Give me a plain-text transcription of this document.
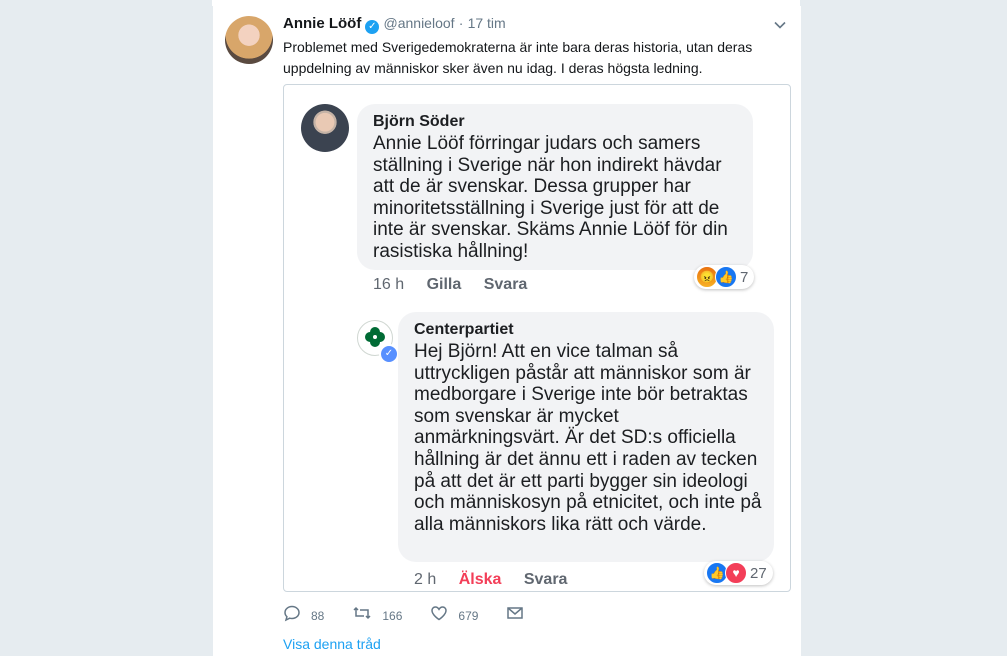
Annie Lööf ✓ @annieloof · 17 tim
Problemet med Sverigedemokraterna är inte bara deras historia, utan deras uppdelning av människor sker även nu idag. I deras högsta ledning.
Björn Söder
Annie Lööf förringar judars och samers ställning i Sverige när hon indirekt hävdar att de är svenskar. Dessa grupper har minoritetsställning i Sverige just för att de inte är svenskar. Skäms Annie Lööf för din rasistiska hållning!
😠 👍 7
16 h Gilla Svara
✓
Centerpartiet
Hej Björn! Att en vice talman så uttryckligen påstår att människor som är medborgare i Sverige inte bör betraktas som svenskar är mycket anmärkningsvärt. Är det SD:s officiella hållning är det ännu ett i raden av tecken på att det är ett parti bygger sin ideologi och människosyn på etnicitet, och inte på alla människors lika rätt och värde.
👍 ♥ 27
2 h Älska Svara
88	166	679
Visa denna tråd
